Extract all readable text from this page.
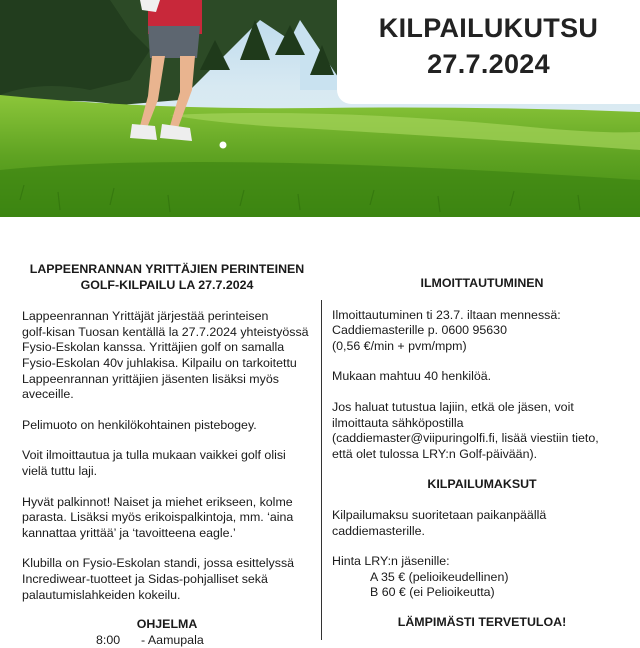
KILPAILUKUTSU
27.7.2024

LAPPEENRANNAN YRITTÄJIEN PERINTEINEN

GOLF-KILPAILU LA 27.7.2024

Lappeenrannan Yrittäjät järjestää perinteisen
golf-kisan Tuosan kentällä la 27.7.2024 yhteistyössä
Fysio-Eskolan kanssa. Yrittäjien golf on samalla
Fysio-Eskolan 40v juhlakisa. Kilpailu on tarkoitettu
Lappeenrannan yrittäjien jäsenten lisäksi myös
aveceille.

Pelimuoto on henkilökohtainen pistebogey.

Voit ilmoittautua ja tulla mukaan vaikkei golf olisi
vielä tuttu laji.

Hyvät palkinnot! Naiset ja miehet erikseen, kolme
parasta. Lisäksi myös erikoispalkintoja, mm. ‘aina
kannattaa yrittää’ ja ‘tavoitteena eagle.’

Klubilla on Fysio-Eskolan standi, jossa esittelyssä
Incrediwear-tuotteet ja Sidas-pohjalliset sekä
palautumislahkeiden kokeilu.

OHJELMA

8:00 - Aamupala

ILMOITTAUTUMINEN

Ilmoittautuminen ti 23.7. iltaan mennessä:
Caddiemasterille p. 0600 95630
(0,56 €/min + pvm/mpm)

Mukaan mahtuu 40 henkilöä.

Jos haluat tutustua lajiin, etkä ole jäsen, voit
ilmoittauta sähköpostilla
(caddiemaster@viipuringolfi.fi, lisää viestiin tieto,
että olet tulossa LRY:n Golf-päivään).

KILPAILUMAKSUT

Kilpailumaksu suoritetaan paikanpäällä
caddiemasterille.

Hinta LRY:n jäsenille:

A 35 € (pelioikeudellinen)

B 60 € (ei Pelioikeutta)

LÄMPIMÄSTI TERVETULOA!
